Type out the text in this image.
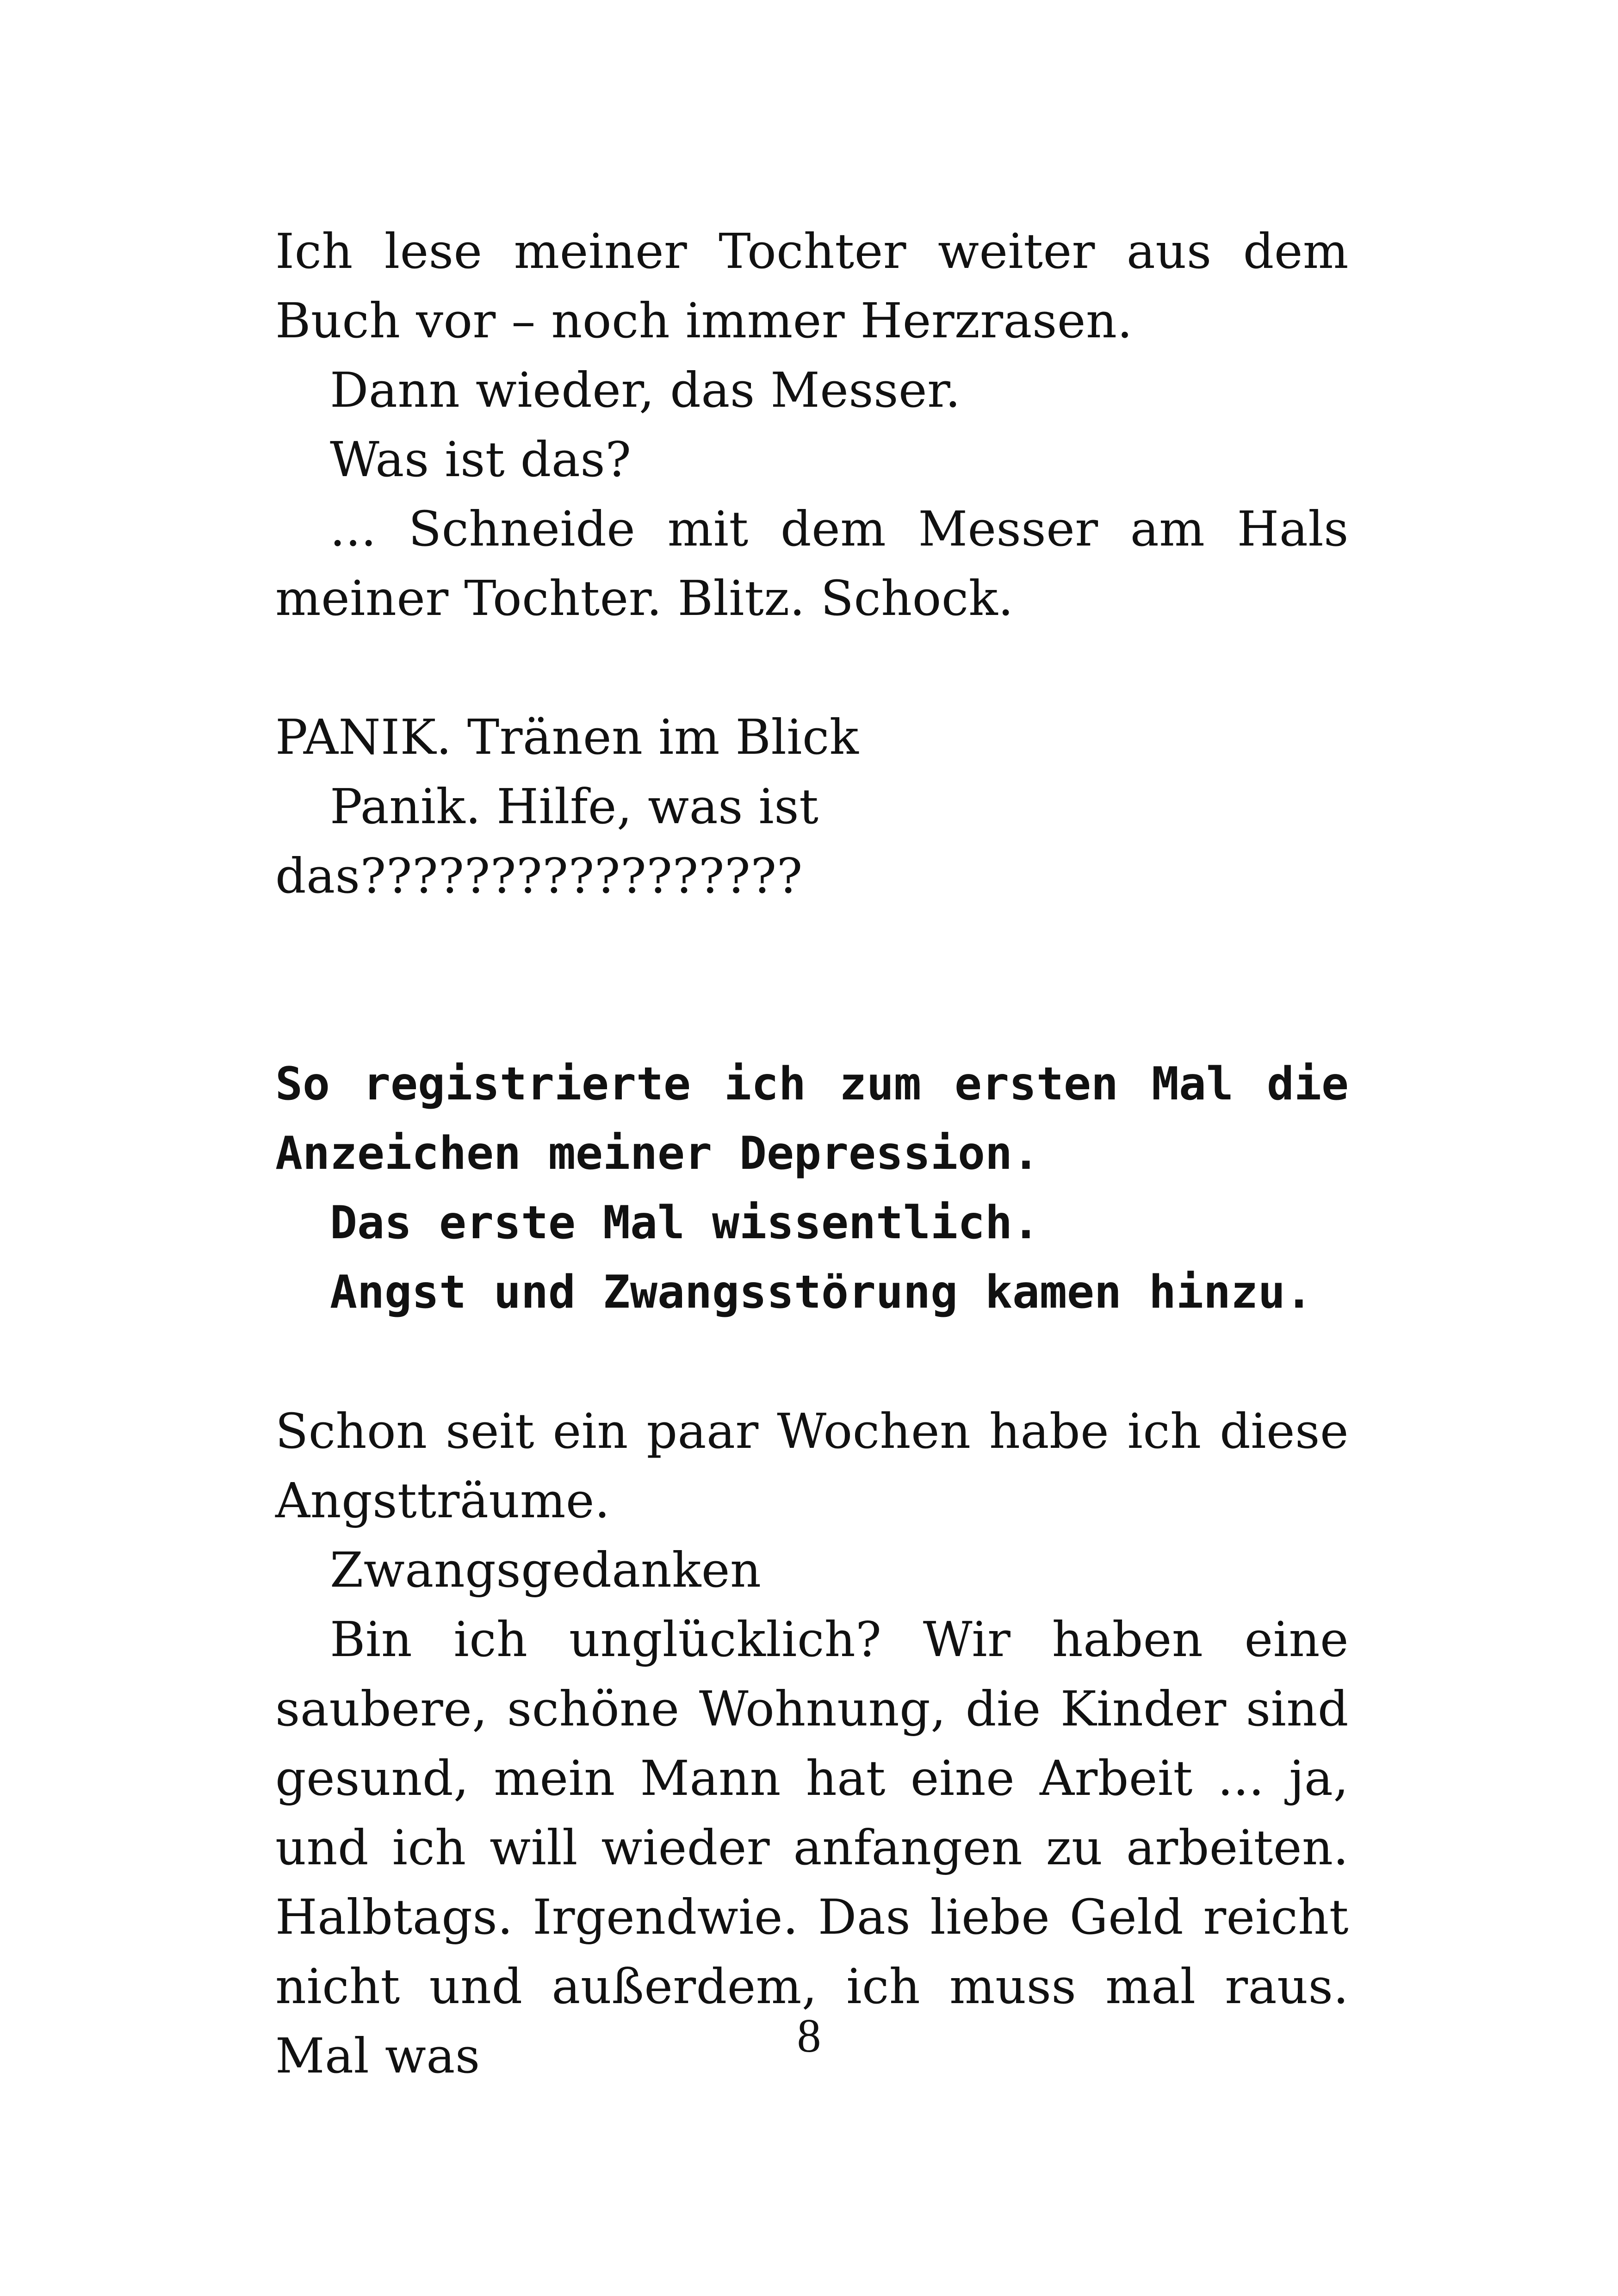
Ich lese meiner Tochter weiter aus dem Buch vor – noch immer Herzrasen.

Dann wieder, das Messer.

Was ist das?

... Schneide mit dem Messer am Hals meiner Tochter. Blitz. Schock.

PANIK. Tränen im Blick

Panik. Hilfe, was ist das?????????????????

So registrierte ich zum ersten Mal die Anzeichen meiner Depression.

Das erste Mal wissentlich.

Angst und Zwangsstörung kamen hinzu.

Schon seit ein paar Wochen habe ich diese Angstträume.

Zwangsgedanken

Bin ich unglücklich? Wir haben eine saubere, schöne Wohnung, die Kinder sind gesund, mein Mann hat eine Arbeit ... ja, und ich will wieder anfangen zu arbeiten. Halbtags. Irgendwie. Das liebe Geld reicht nicht und außerdem, ich muss mal raus. Mal was	8
